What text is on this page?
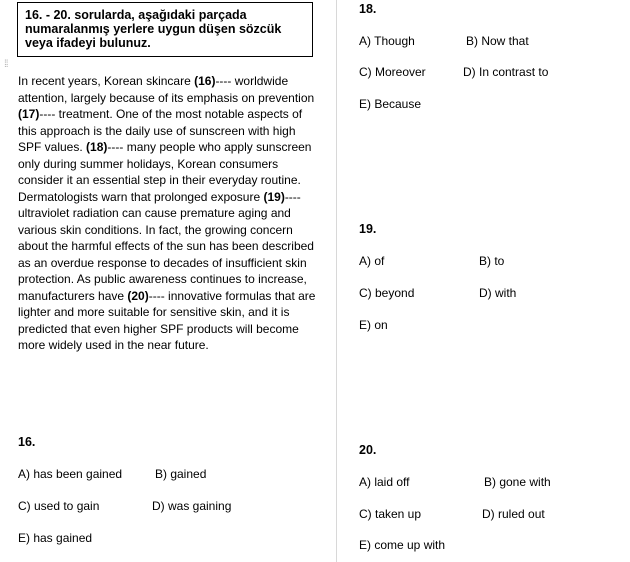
16. - 20. sorularda, aşağıdaki parçada numaralanmış yerlere uygun düşen sözcük veya ifadeyi bulunuz.
⁞⁞
In recent years, Korean skincare (16)---- worldwide attention, largely because of its emphasis on prevention (17)---- treatment. One of the most notable aspects of this approach is the daily use of sunscreen with high SPF values. (18)---- many people who apply sunscreen only during summer holidays, Korean consumers consider it an essential step in their everyday routine. Dermatologists warn that prolonged exposure (19)---- ultraviolet radiation can cause premature aging and various skin conditions. In fact, the growing concern about the harmful effects of the sun has been described as an overdue response to decades of insufficient skin protection. As public awareness continues to increase, manufacturers have (20)---- innovative formulas that are lighter and more suitable for sensitive skin, and it is predicted that even higher SPF products will become more widely used in the near future.
16.
A) has been gained	B) gained
C) used to gain	D) was gaining
E) has gained
18.
A) Though	B) Now that
C) Moreover	D) In contrast to
E) Because
19.
A) of	B) to
C) beyond	D) with
E) on
20.
A) laid off	B) gone with
C) taken up	D) ruled out
E) come up with
